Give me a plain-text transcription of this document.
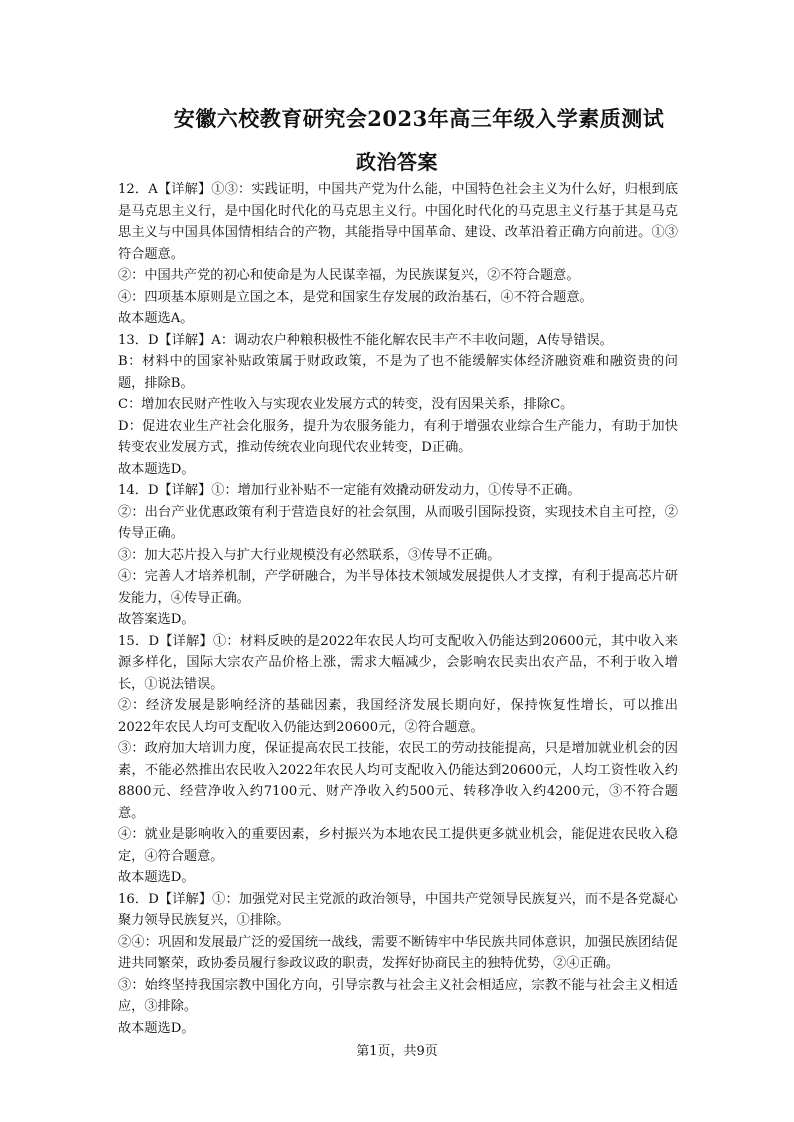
安徽六校教育研究会2023年高三年级入学素质测试
政治答案

12．A【详解】①③：实践证明，中国共产党为什么能，中国特色社会主义为什么好，归根到底是马克思主义行，是中国化时代化的马克思主义行。中国化时代化的马克思主义行基于其是马克思主义与中国具体国情相结合的产物，其能指导中国革命、建设、改革沿着正确方向前进。①③符合题意。

②：中国共产党的初心和使命是为人民谋幸福，为民族谋复兴，②不符合题意。

④：四项基本原则是立国之本，是党和国家生存发展的政治基石，④不符合题意。

故本题选A。

13．D【详解】A：调动农户种粮积极性不能化解农民丰产不丰收问题，A传导错误。

B：材料中的国家补贴政策属于财政政策，不是为了也不能缓解实体经济融资难和融资贵的问题，排除B。

C：增加农民财产性收入与实现农业发展方式的转变，没有因果关系，排除C。

D：促进农业生产社会化服务，提升为农服务能力，有利于增强农业综合生产能力，有助于加快转变农业发展方式，推动传统农业向现代农业转变，D正确。

故本题选D。

14．D【详解】①：增加行业补贴不一定能有效撬动研发动力，①传导不正确。

②：出台产业优惠政策有利于营造良好的社会氛围，从而吸引国际投资，实现技术自主可控，②传导正确。

③：加大芯片投入与扩大行业规模没有必然联系，③传导不正确。

④：完善人才培养机制，产学研融合，为半导体技术领域发展提供人才支撑，有利于提高芯片研发能力，④传导正确。

故答案选D。

15．D【详解】①：材料反映的是2022年农民人均可支配收入仍能达到20600元，其中收入来源多样化，国际大宗农产品价格上涨，需求大幅减少，会影响农民卖出农产品，不利于收入增长，①说法错误。

②：经济发展是影响经济的基础因素，我国经济发展长期向好，保持恢复性增长，可以推出2022年农民人均可支配收入仍能达到20600元，②符合题意。

③：政府加大培训力度，保证提高农民工技能，农民工的劳动技能提高，只是增加就业机会的因素，不能必然推出农民收入2022年农民人均可支配收入仍能达到20600元，人均工资性收入约8800元、经营净收入约7100元、财产净收入约500元、转移净收入约4200元，③不符合题意。

④：就业是影响收入的重要因素，乡村振兴为本地农民工提供更多就业机会，能促进农民收入稳定，④符合题意。

故本题选D。

16．D【详解】①：加强党对民主党派的政治领导，中国共产党领导民族复兴，而不是各党凝心聚力领导民族复兴，①排除。

②④：巩固和发展最广泛的爱国统一战线，需要不断铸牢中华民族共同体意识，加强民族团结促进共同繁荣，政协委员履行参政议政的职责，发挥好协商民主的独特优势，②④正确。

③：始终坚持我国宗教中国化方向，引导宗教与社会主义社会相适应，宗教不能与社会主义相适应，③排除。

故本题选D。

第1页，共9页
